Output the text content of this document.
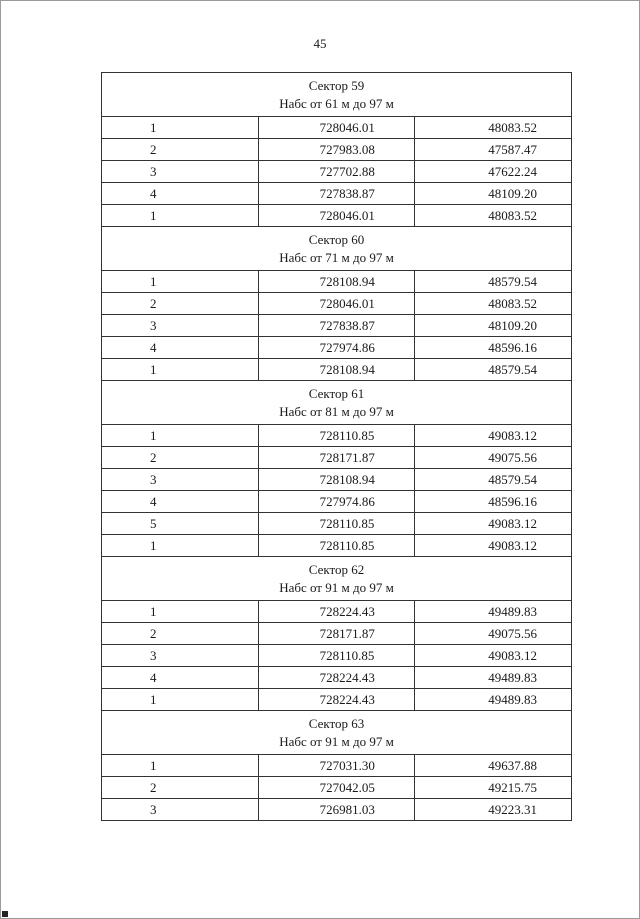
45
Сектор 59
Набс от 61 м до 97 м		

1	728046.01	48083.52
2	727983.08	47587.47
3	727702.88	47622.24
4	727838.87	48109.20
1	728046.01	48083.52

Сектор 60
Набс от 71 м до 97 м		

1	728108.94	48579.54
2	728046.01	48083.52
3	727838.87	48109.20
4	727974.86	48596.16
1	728108.94	48579.54

Сектор 61
Набс от 81 м до 97 м		

1	728110.85	49083.12
2	728171.87	49075.56
3	728108.94	48579.54
4	727974.86	48596.16
5	728110.85	49083.12
1	728110.85	49083.12

Сектор 62
Набс от 91 м до 97 м		

1	728224.43	49489.83
2	728171.87	49075.56
3	728110.85	49083.12
4	728224.43	49489.83
1	728224.43	49489.83

Сектор 63
Набс от 91 м до 97 м		

1	727031.30	49637.88
2	727042.05	49215.75
3	726981.03	49223.31
